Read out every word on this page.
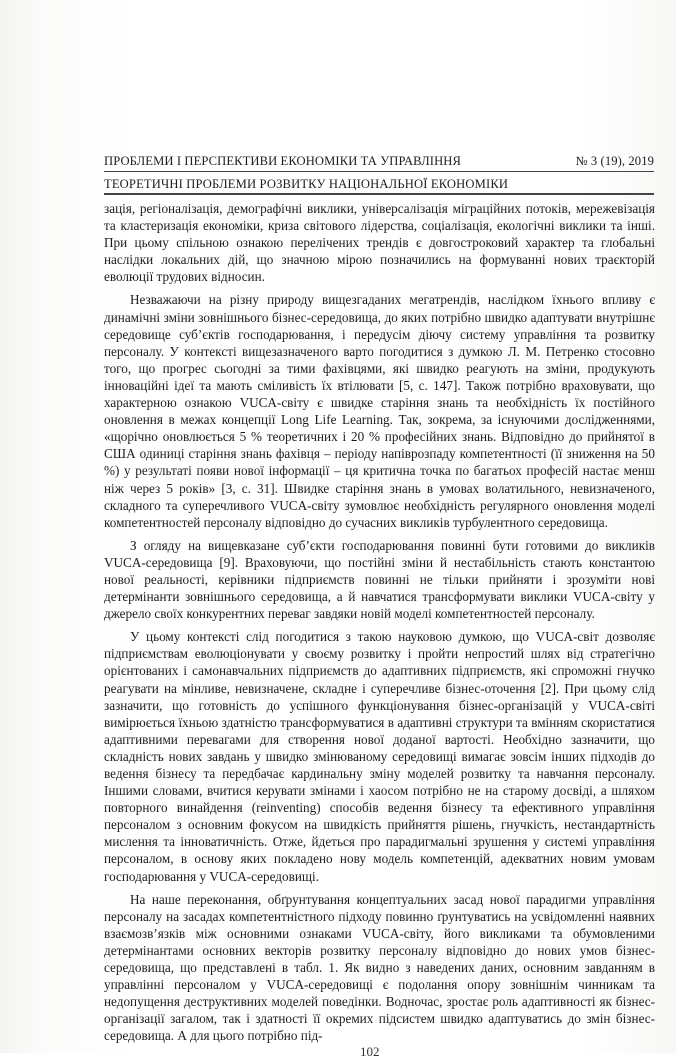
ПРОБЛЕМИ І ПЕРСПЕКТИВИ ЕКОНОМІКИ ТА УПРАВЛІННЯ	№ 3 (19), 2019
ТЕОРЕТИЧНІ ПРОБЛЕМИ РОЗВИТКУ НАЦІОНАЛЬНОЇ ЕКОНОМІКИ

зація, регіоналізація, демографічні виклики, універсалізація міграційних потоків, мережевізація та кластеризація економіки, криза світового лідерства, соціалізація, екологічні виклики та інші. При цьому спільною ознакою перелічених трендів є довгостроковий характер та глобальні наслідки локальних дій, що значною мірою позначились на формуванні нових траєкторій еволюції трудових відносин.

Незважаючи на різну природу вищезгаданих мегатрендів, наслідком їхнього впливу є динамічні зміни зовнішнього бізнес-середовища, до яких потрібно швидко адаптувати внутрішнє середовище суб’єктів господарювання, і передусім діючу систему управління та розвитку персоналу. У контексті вищезазначеного варто погодитися з думкою Л. М. Петренко стосовно того, що прогрес сьогодні за тими фахівцями, які швидко реагують на зміни, продукують інноваційні ідеї та мають сміливість їх втілювати [5, с. 147]. Також потрібно враховувати, що характерною ознакою VUCA-світу є швидке старіння знань та необхідність їх постійного оновлення в межах концепції Long Life Learning. Так, зокрема, за існуючими дослідженнями, «щорічно оновлюється 5 % теоретичних і 20 % професійних знань. Відповідно до прийнятої в США одиниці старіння знань фахівця – періоду напіврозпаду компетентності (її зниження на 50 %) у результаті появи нової інформації – ця критична точка по багатьох професій настає менш ніж через 5 років» [3, с. 31]. Швидке старіння знань в умовах волатильного, невизначеного, складного та суперечливого VUCA-світу зумовлює необхідність регулярного оновлення моделі компетентностей персоналу відповідно до сучасних викликів турбулентного середовища.

З огляду на вищевказане суб’єкти господарювання повинні бути готовими до викликів VUCA-середовища [9]. Враховуючи, що постійні зміни й нестабільність стають константою нової реальності, керівники підприємств повинні не тільки прийняти і зрозуміти нові детермінанти зовнішнього середовища, а й навчатися трансформувати виклики VUCA-світу у джерело своїх конкурентних переваг завдяки новій моделі компетентностей персоналу.

У цьому контексті слід погодитися з такою науковою думкою, що VUCA-світ дозволяє підприємствам еволюціонувати у своєму розвитку і пройти непростий шлях від стратегічно орієнтованих і самонавчальних підприємств до адаптивних підприємств, які спроможні гнучко реагувати на мінливе, невизначене, складне і суперечливе бізнес-оточення [2]. При цьому слід зазначити, що готовність до успішного функціонування бізнес-організацій у VUCA-світі вимірюється їхньою здатністю трансформуватися в адаптивні структури та вмінням скористатися адаптивними перевагами для створення нової доданої вартості. Необхідно зазначити, що складність нових завдань у швидко змінюваному середовищі вимагає зовсім інших підходів до ведення бізнесу та передбачає кардинальну зміну моделей розвитку та навчання персоналу. Іншими словами, вчитися керувати змінами і хаосом потрібно не на старому досвіді, а шляхом повторного винайдення (reinventing) способів ведення бізнесу та ефективного управління персоналом з основним фокусом на швидкість прийняття рішень, гнучкість, нестандартність мислення та інноватичність. Отже, йдеться про парадигмальні зрушення у системі управління персоналом, в основу яких покладено нову модель компетенцій, адекватних новим умовам господарювання у VUCA-середовищі.

На наше переконання, обґрунтування концептуальних засад нової парадигми управління персоналу на засадах компетентністного підходу повинно ґрунтуватись на усвідомленні наявних взаємозв’язків між основними ознаками VUCA-світу, його викликами та обумовленими детермінантами основних векторів розвитку персоналу відповідно до нових умов бізнес-середовища, що представлені в табл. 1. Як видно з наведених даних, основним завданням в управлінні персоналом у VUCA-середовищі є подолання опору зовнішнім чинникам та недопущення деструктивних моделей поведінки. Водночас, зростає роль адаптивності як бізнес-організації загалом, так і здатності її окремих підсистем швидко адаптуватись до змін бізнес-середовища. А для цього потрібно під-

102
